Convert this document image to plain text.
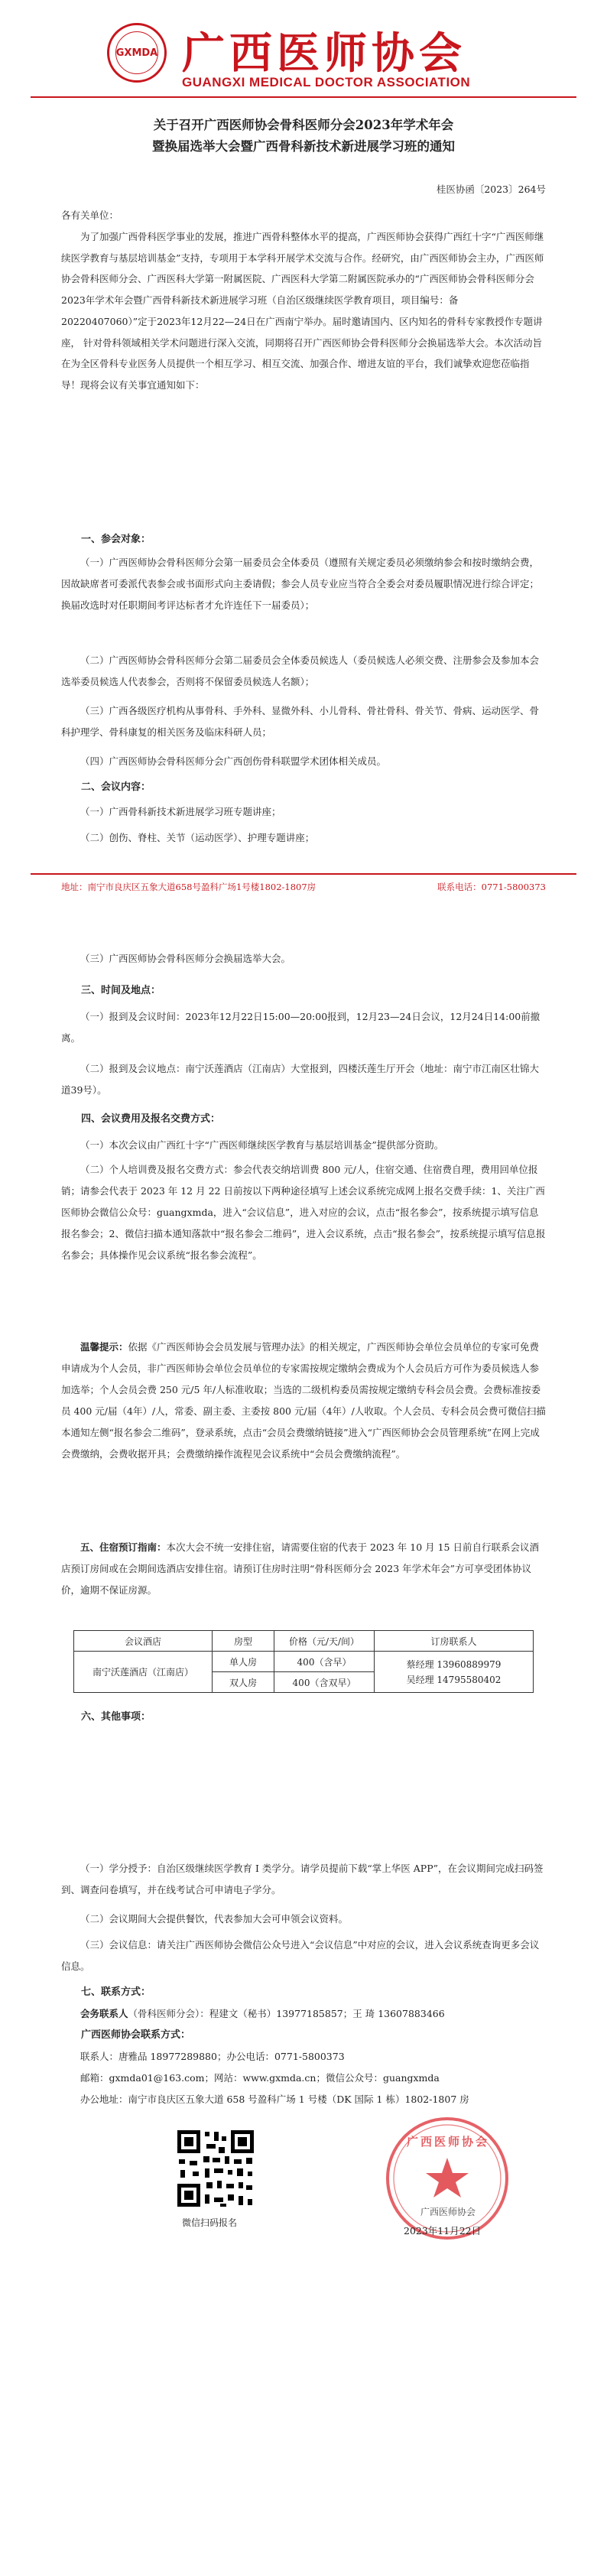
GXMDA 广西医师协会
GUANGXI MEDICAL DOCTOR ASSOCIATION
关于召开广西医师协会骨科医师分会2023年学术年会
暨换届选举大会暨广西骨科新技术新进展学习班的通知
桂医协函〔2023〕264号
各有关单位：
为了加强广西骨科医学事业的发展，推进广西骨科整体水平的提高，广西医师协会获得广西红十字“广西医师继续医学教育与基层培训基金”支持，专项用于本学科开展学术交流与合作。经研究，由广西医师协会主办，广西医师协会骨科医师分会、广西医科大学第一附属医院、广西医科大学第二附属医院承办的“广西医师协会骨科医师分会2023年学术年会暨广西骨科新技术新进展学习班（自治区级继续医学教育项目，项目编号：备 20220407060）”定于2023年12月22—24日在广西南宁举办。届时邀请国内、区内知名的骨科专家教授作专题讲座， 针对骨科领域相关学术问题进行深入交流，同期将召开广西医师协会骨科医师分会换届选举大会。本次活动旨在为全区骨科专业医务人员提供一个相互学习、相互交流、加强合作、增进友谊的平台，我们诚挚欢迎您莅临指导！现将会议有关事宜通知如下：
一、参会对象：
（一）广西医师协会骨科医师分会第一届委员会全体委员（遵照有关规定委员必须缴纳参会和按时缴纳会费，因故缺席者可委派代表参会或书面形式向主委请假；参会人员专业应当符合全委会对委员履职情况进行综合评定；换届改选时对任职期间考评达标者才允许连任下一届委员）；
（二）广西医师协会骨科医师分会第二届委员会全体委员候选人（委员候选人必须交费、注册参会及参加本会选举委员候选人代表参会，否则将不保留委员候选人名额）；
（三）广西各级医疗机构从事骨科、手外科、显微外科、小儿骨科、骨社骨科、骨关节、骨病、运动医学、骨科护理学、骨科康复的相关医务及临床科研人员；
（四）广西医师协会骨科医师分会广西创伤骨科联盟学术团体相关成员。
二、会议内容：
（一）广西骨科新技术新进展学习班专题讲座；
（二）创伤、脊柱、关节（运动医学）、护理专题讲座；
地址：南宁市良庆区五象大道658号盈科广场1号楼1802-1807房	联系电话：0771-5800373
（三）广西医师协会骨科医师分会换届选举大会。
三、时间及地点：
（一）报到及会议时间：2023年12月22日15:00—20:00报到，12月23—24日会议，12月24日14:00前撤离。
（二）报到及会议地点：南宁沃莲酒店（江南店）大堂报到，四楼沃莲生厅开会（地址：南宁市江南区壮锦大道39号）。
四、会议费用及报名交费方式：
（一）本次会议由广西红十字“广西医师继续医学教育与基层培训基金”提供部分资助。
（二）个人培训费及报名交费方式：参会代表交纳培训费 800 元/人，住宿交通、住宿费自理，费用回单位报销；请参会代表于 2023 年 12 月 22 日前按以下两种途径填写上述会议系统完成网上报名交费手续：1、关注广西医师协会微信公众号：guangxmda，进入“会议信息”，进入对应的会议，点击“报名参会”，按系统提示填写信息报名参会；2、微信扫描本通知落款中“报名参会二维码”，进入会议系统，点击“报名参会”，按系统提示填写信息报名参会；具体操作见会议系统“报名参会流程”。
温馨提示：依据《广西医师协会会员发展与管理办法》的相关规定，广西医师协会单位会员单位的专家可免费申请成为个人会员，非广西医师协会单位会员单位的专家需按规定缴纳会费成为个人会员后方可作为委员候选人参加选举；个人会员会费 250 元/5 年/人标准收取；当选的二级机构委员需按规定缴纳专科会员会费。会费标准按委员 400 元/届（4年）/人，常委、副主委、主委按 800 元/届（4年）/人收取。个人会员、专科会员会费可微信扫描本通知左侧“报名参会二维码”，登录系统，点击“会员会费缴纳链接”进入“广西医师协会会员管理系统”在网上完成会费缴纳，会费收据开具；会费缴纳操作流程见会议系统中“会员会费缴纳流程”。
五、住宿预订指南：本次大会不统一安排住宿，请需要住宿的代表于 2023 年 10 月 15 日前自行联系会议酒店预订房间或在会期间选酒店安排住宿。请预订住房时注明“骨科医师分会 2023 年学术年会”方可享受团体协议价，逾期不保证房源。
会议酒店	房型	价格（元/天/间）	订房联系人
南宁沃莲酒店（江南店）	单人房	400（含早）	蔡经理 13960889979
吴经理 14795580402

	双人房	400（含双早）	
六、其他事项：
（一）学分授予：自治区级继续医学教育 I 类学分。请学员提前下载“掌上华医 APP”，在会议期间完成扫码签到、调查问卷填写，并在线考试合可申请电子学分。
（二）会议期间大会提供餐饮，代表参加大会可申领会议资料。
（三）会议信息：请关注广西医师协会微信公众号进入“会议信息”中对应的会议，进入会议系统查询更多会议信息。
七、联系方式：
会务联系人（骨科医师分会）：程建文（秘书）13977185857；王 琦 13607883466
广西医师协会联系方式：
联系人：唐雅品 18977289880；办公电话：0771-5800373
邮箱：gxmda01@163.com；网站：www.gxmda.cn；微信公众号：guangxmda
办公地址：南宁市良庆区五象大道 658 号盈科广场 1 号楼（DK 国际 1 栋）1802-1807 房
微信扫码报名
广西医师协会
广西医师协会
2023年11月22日
